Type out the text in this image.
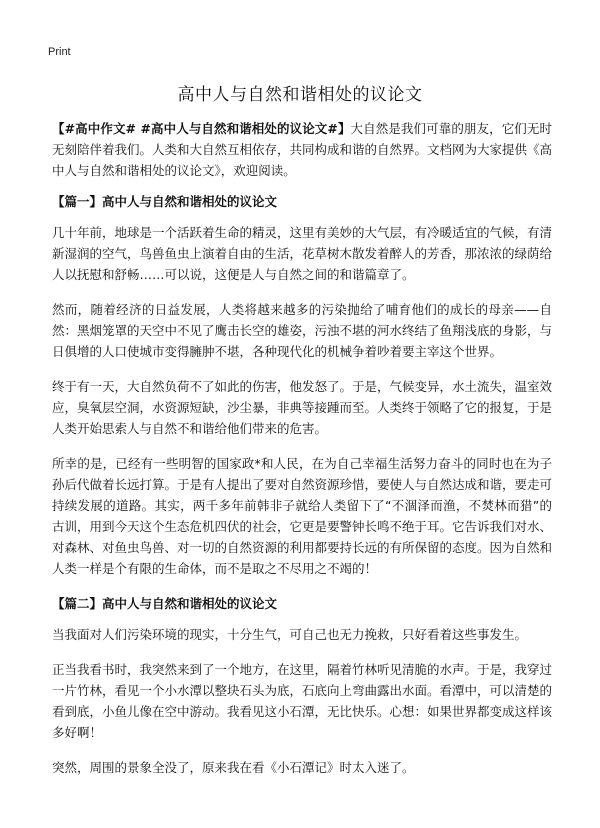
Print
高中人与自然和谐相处的议论文

【#高中作文# #高中人与自然和谐相处的议论文#】大自然是我们可靠的朋友，它们无时无刻陪伴着我们。人类和大自然互相依存，共同构成和谐的自然界。文档网为大家提供《高中人与自然和谐相处的议论文》，欢迎阅读。

【篇一】高中人与自然和谐相处的议论文

几十年前，地球是一个活跃着生命的精灵，这里有美妙的大气层，有冷暖适宜的气候，有清新湿润的空气，鸟兽鱼虫上演着自由的生活，花草树木散发着醉人的芳香，那浓浓的绿荫给人以抚慰和舒畅……可以说，这便是人与自然之间的和谐篇章了。

然而，随着经济的日益发展，人类将越来越多的污染抛给了哺育他们的成长的母亲——自然：黑烟笼罩的天空中不见了鹰击长空的雄姿，污浊不堪的河水终结了鱼翔浅底的身影，与日俱增的人口使城市变得臃肿不堪，各种现代化的机械争着吵着要主宰这个世界。

终于有一天，大自然负荷不了如此的伤害，他发怒了。于是，气候变异，水土流失，温室效应，臭氧层空洞，水资源短缺，沙尘暴，非典等接踵而至。人类终于领略了它的报复，于是人类开始思索人与自然不和谐给他们带来的危害。

所幸的是，已经有一些明智的国家政*和人民，在为自己幸福生活努力奋斗的同时也在为子孙后代做着长远打算。于是有人提出了要对自然资源珍惜，要使人与自然达成和谐，要走可持续发展的道路。其实，两千多年前韩非子就给人类留下了“不涸泽而渔，不焚林而猎”的古训，用到今天这个生态危机四伏的社会，它更是要警钟长鸣不绝于耳。它告诉我们对水、对森林、对鱼虫鸟兽、对一切的自然资源的利用都要持长远的有所保留的态度。因为自然和人类一样是个有限的生命体，而不是取之不尽用之不竭的！

【篇二】高中人与自然和谐相处的议论文

当我面对人们污染环境的现实，十分生气，可自己也无力挽救，只好看着这些事发生。

正当我看书时，我突然来到了一个地方，在这里，隔着竹林听见清脆的水声。于是，我穿过一片竹林，看见一个小水潭以整块石头为底，石底向上弯曲露出水面。看潭中，可以清楚的看到底，小鱼儿像在空中游动。我看见这小石潭，无比快乐。心想：如果世界都变成这样该多好啊！

突然，周围的景象全没了，原来我在看《小石潭记》时太入迷了。
